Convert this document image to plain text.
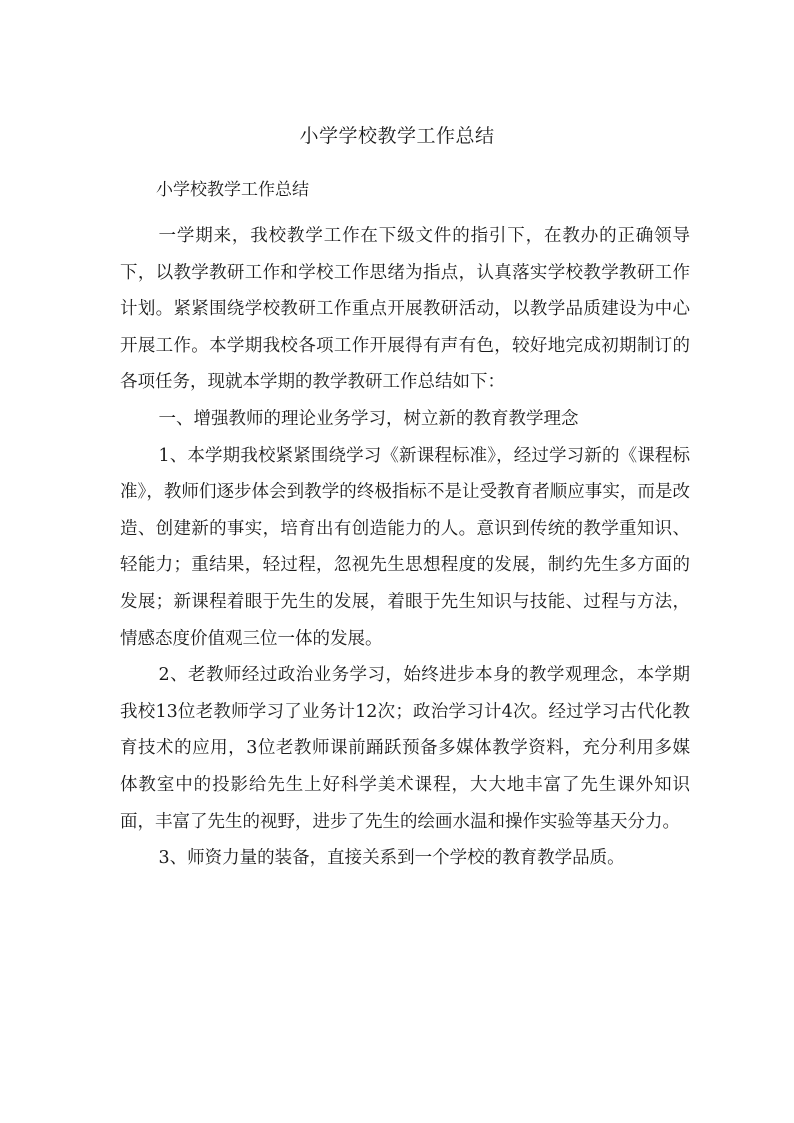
小学学校教学工作总结
小学校教学工作总结

一学期来，我校教学工作在下级文件的指引下，在教办的正确领导下，以教学教研工作和学校工作思绪为指点，认真落实学校教学教研工作计划。紧紧围绕学校教研工作重点开展教研活动，以教学品质建设为中心开展工作。本学期我校各项工作开展得有声有色，较好地完成初期制订的各项任务，现就本学期的教学教研工作总结如下：

一、增强教师的理论业务学习，树立新的教育教学理念

1、本学期我校紧紧围绕学习《新课程标准》，经过学习新的《课程标准》，教师们逐步体会到教学的终极指标不是让受教育者顺应事实，而是改造、创建新的事实，培育出有创造能力的人。意识到传统的教学重知识、轻能力；重结果，轻过程，忽视先生思想程度的发展，制约先生多方面的发展；新课程着眼于先生的发展，着眼于先生知识与技能、过程与方法，情感态度价值观三位一体的发展。

2、老教师经过政治业务学习，始终进步本身的教学观理念，本学期我校13位老教师学习了业务计12次；政治学习计4次。经过学习古代化教育技术的应用，3位老教师课前踊跃预备多媒体教学资料，充分利用多媒体教室中的投影给先生上好科学美术课程，大大地丰富了先生课外知识面，丰富了先生的视野，进步了先生的绘画水温和操作实验等基天分力。

3、师资力量的装备，直接关系到一个学校的教育教学品质。
